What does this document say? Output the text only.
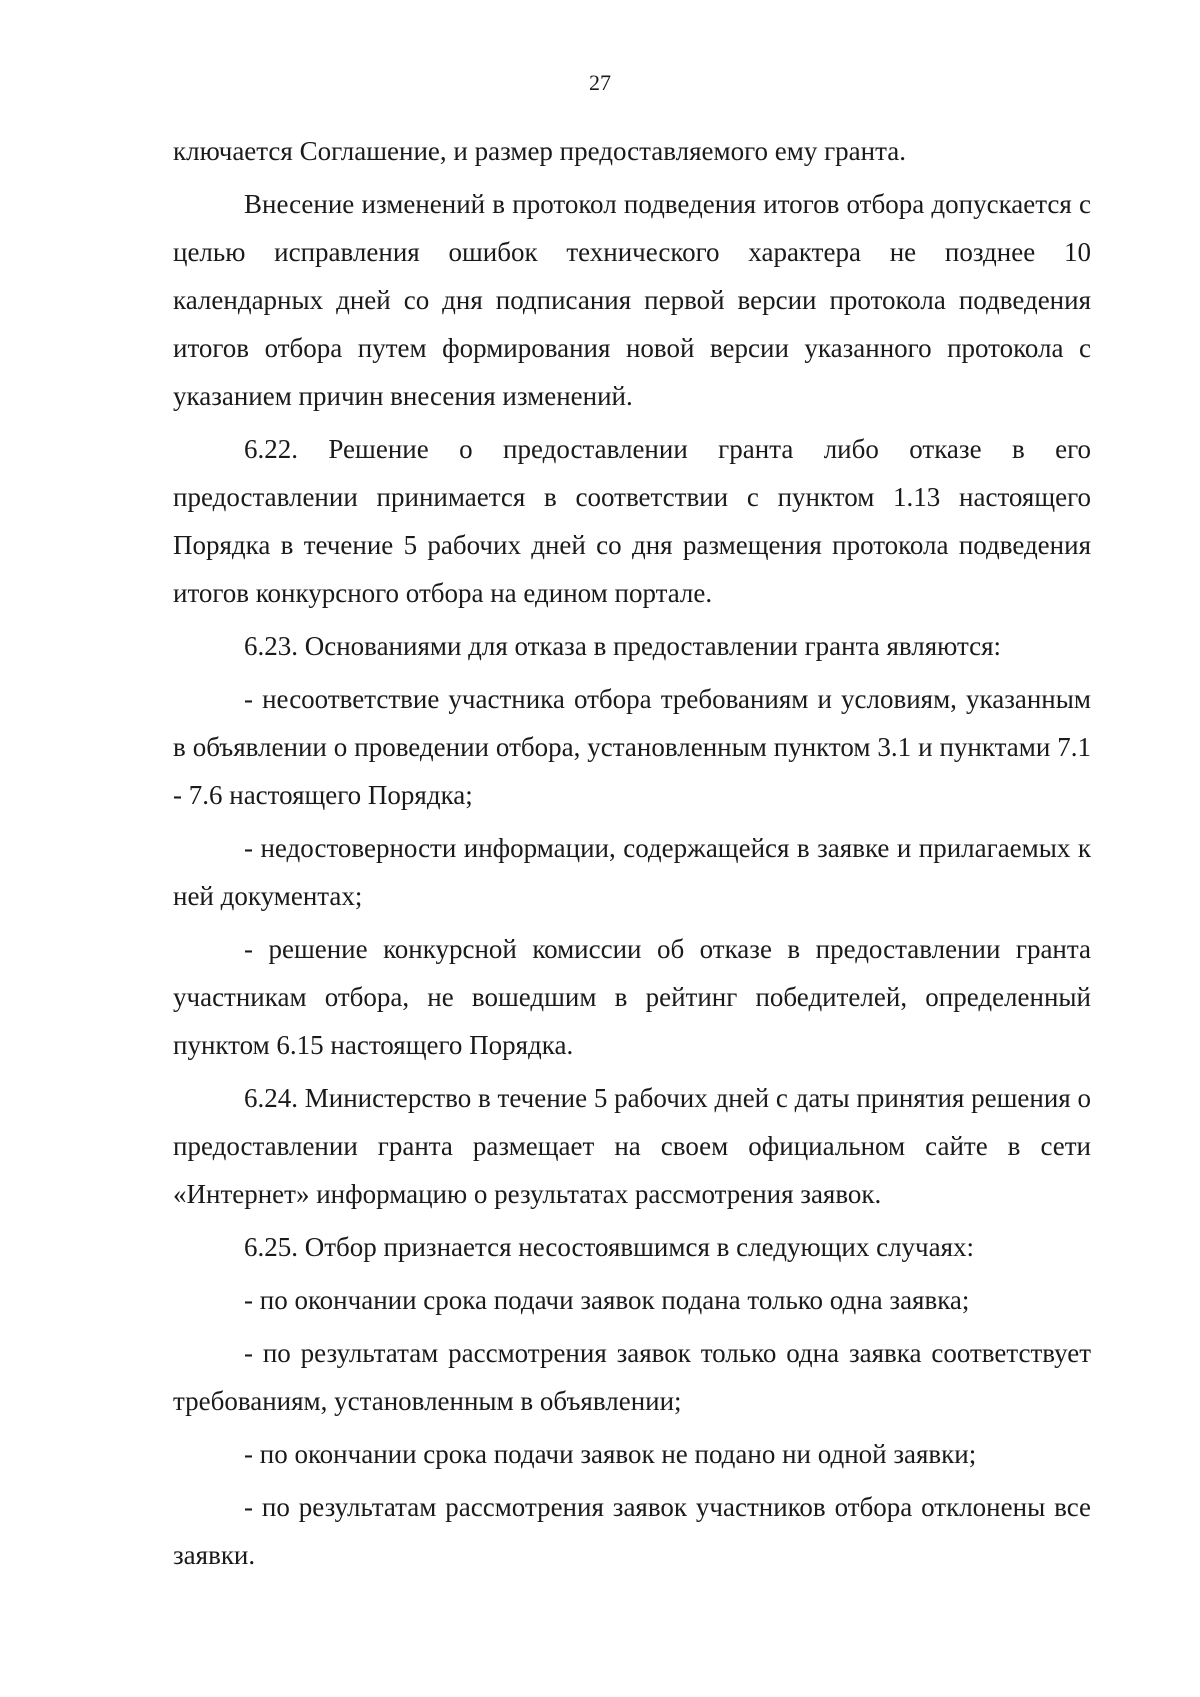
27

ключается Соглашение, и размер предоставляемого ему гранта.

Внесение изменений в протокол подведения итогов отбора допускается с целью исправления ошибок технического характера не позднее 10 календарных дней со дня подписания первой версии протокола подведения итогов отбора путем формирования новой версии указанного протокола с указанием причин внесения изменений.

6.22. Решение о предоставлении гранта либо отказе в его предоставлении принимается в соответствии с пунктом 1.13 настоящего Порядка в течение 5 рабочих дней со дня размещения протокола подведения итогов конкурсного отбора на едином портале.

6.23. Основаниями для отказа в предоставлении гранта являются:

- несоответствие участника отбора требованиям и условиям, указанным в объявлении о проведении отбора, установленным пунктом 3.1 и пунктами 7.1 - 7.6 настоящего Порядка;

- недостоверности информации, содержащейся в заявке и прилагаемых к ней документах;

- решение конкурсной комиссии об отказе в предоставлении гранта участникам отбора, не вошедшим в рейтинг победителей, определенный пунктом 6.15 настоящего Порядка.

6.24. Министерство в течение 5 рабочих дней с даты принятия решения о предоставлении гранта размещает на своем официальном сайте в сети «Интернет» информацию о результатах рассмотрения заявок.

6.25. Отбор признается несостоявшимся в следующих случаях:

- по окончании срока подачи заявок подана только одна заявка;

- по результатам рассмотрения заявок только одна заявка соответствует требованиям, установленным в объявлении;

- по окончании срока подачи заявок не подано ни одной заявки;

- по результатам рассмотрения заявок участников отбора отклонены все заявки.
